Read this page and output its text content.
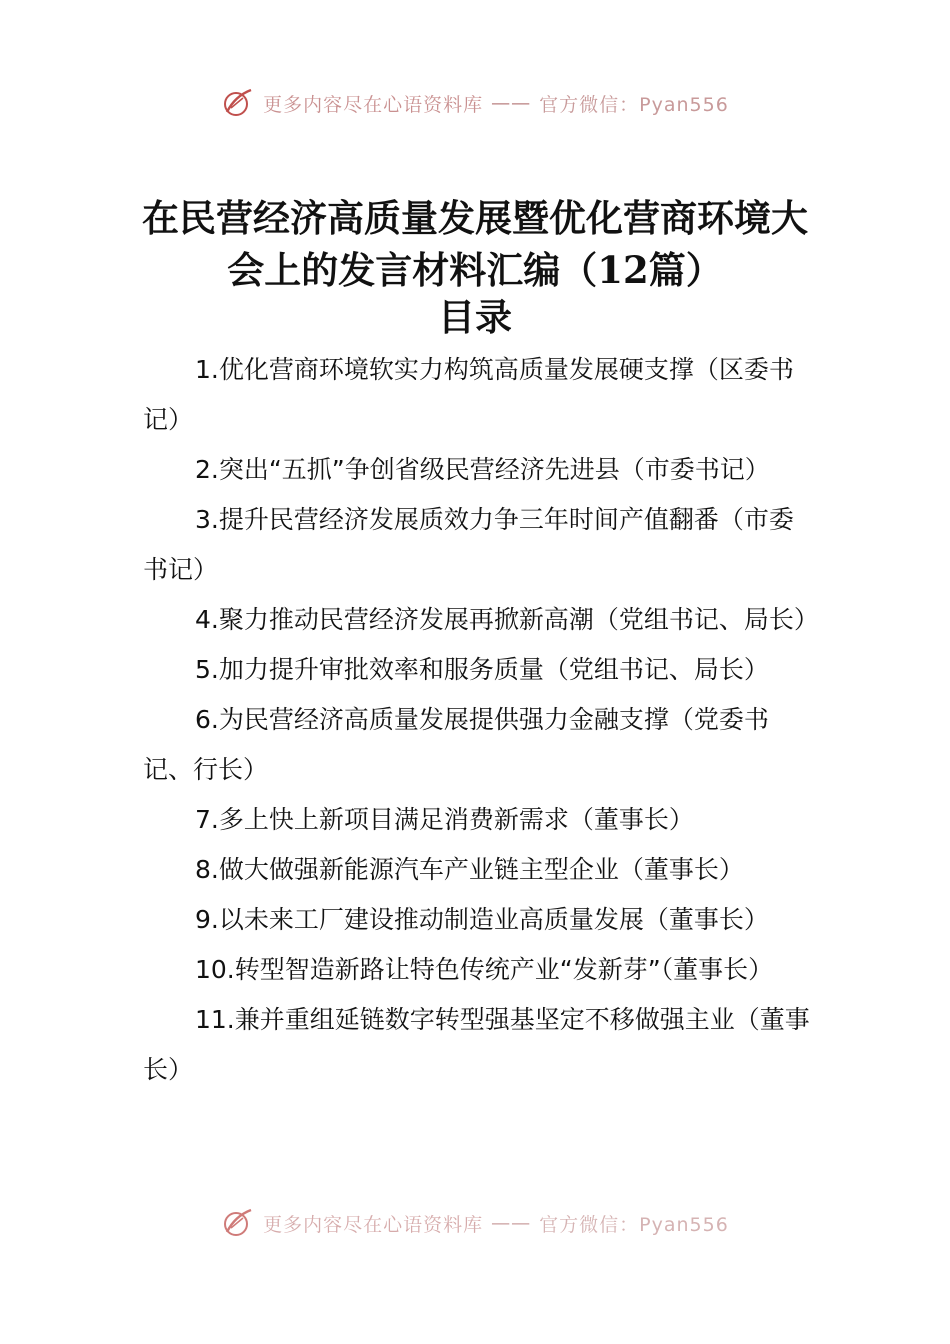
更多内容尽在心语资料库 —— 官方微信：Pyan556
在民营经济高质量发展暨优化营商环境大
会上的发言材料汇编（12篇）
目录
1.优化营商环境软实力构筑高质量发展硬支撑（区委书记）
2.突出“五抓”争创省级民营经济先进县（市委书记）
3.提升民营经济发展质效力争三年时间产值翻番（市委书记）
4.聚力推动民营经济发展再掀新高潮（党组书记、局长）
5.加力提升审批效率和服务质量（党组书记、局长）
6.为民营经济高质量发展提供强力金融支撑（党委书记、行长）
7.多上快上新项目满足消费新需求（董事长）
8.做大做强新能源汽车产业链主型企业（董事长）
9.以未来工厂建设推动制造业高质量发展（董事长）
10.转型智造新路让特色传统产业“发新芽”（董事长）
11.兼并重组延链数字转型强基坚定不移做强主业（董事长）
更多内容尽在心语资料库 —— 官方微信：Pyan556
